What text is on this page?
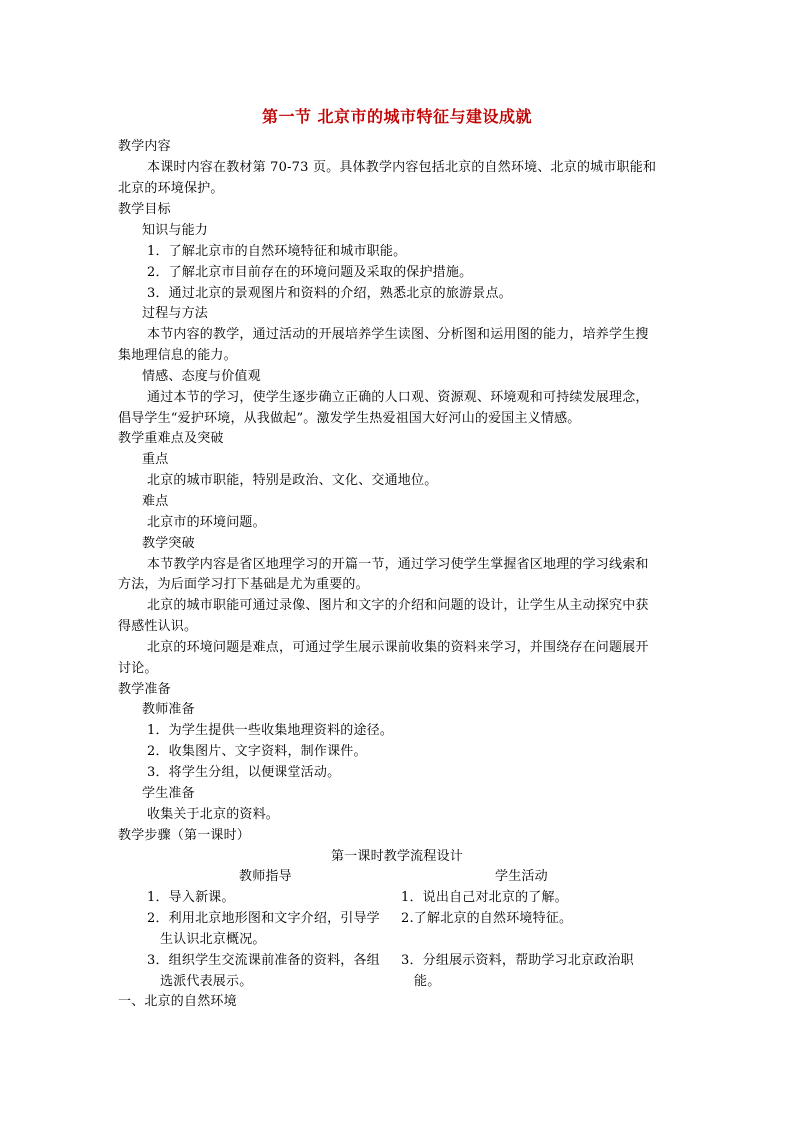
第一节 北京市的城市特征与建设成就
教学内容
本课时内容在教材第 70-73 页。具体教学内容包括北京的自然环境、北京的城市职能和
北京的环境保护。
教学目标
知识与能力
1．了解北京市的自然环境特征和城市职能。
2．了解北京市目前存在的环境问题及采取的保护措施。
3．通过北京的景观图片和资料的介绍，熟悉北京的旅游景点。
过程与方法
本节内容的教学，通过活动的开展培养学生读图、分析图和运用图的能力，培养学生搜
集地理信息的能力。
情感、态度与价值观
通过本节的学习，使学生逐步确立正确的人口观、资源观、环境观和可持续发展理念，
倡导学生“爱护环境，从我做起”。激发学生热爱祖国大好河山的爱国主义情感。
教学重难点及突破
重点
北京的城市职能，特别是政治、文化、交通地位。
难点
北京市的环境问题。
教学突破
本节教学内容是省区地理学习的开篇一节，通过学习使学生掌握省区地理的学习线索和
方法，为后面学习打下基础是尤为重要的。
北京的城市职能可通过录像、图片和文字的介绍和问题的设计，让学生从主动探究中获
得感性认识。
北京的环境问题是难点，可通过学生展示课前收集的资料来学习，并围绕存在问题展开
讨论。
教学准备
教师准备
1．为学生提供一些收集地理资料的途径。
2．收集图片、文字资料，制作课件。
3．将学生分组，以便课堂活动。
学生准备
收集关于北京的资料。
教学步骤（第一课时）
第一课时教学流程设计
教师指导	学生活动
1．导入新课。	1．说出自己对北京的了解。
2．利用北京地形图和文字介绍，引导学 2.了解北京的自然环境特征。
生认识北京概况。
3．组织学生交流课前准备的资料，各组 3．分组展示资料，帮助学习北京政治职
选派代表展示。	能。
一、北京的自然环境
